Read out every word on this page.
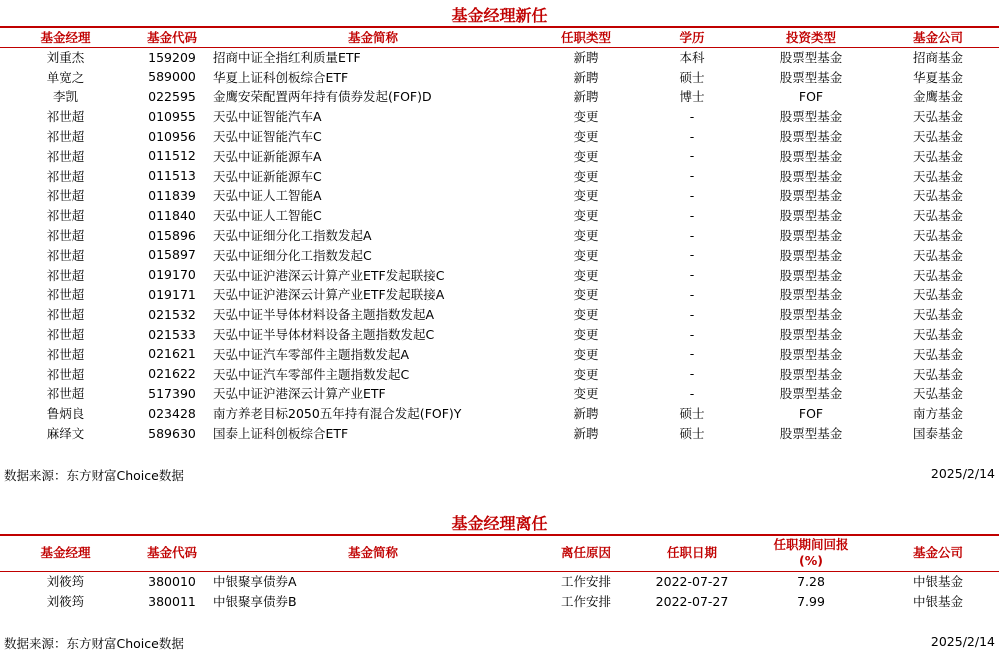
基金经理新任
基金经理	基金代码	基金简称	任职类型	学历	投资类型	基金公司
刘重杰	159209	招商中证全指红利质量ETF	新聘	本科	股票型基金	招商基金
单宽之	589000	华夏上证科创板综合ETF	新聘	硕士	股票型基金	华夏基金
李凯	022595	金鹰安荣配置两年持有债券发起(FOF)D	新聘	博士	FOF	金鹰基金
祁世超	010955	天弘中证智能汽车A	变更	-	股票型基金	天弘基金
祁世超	010956	天弘中证智能汽车C	变更	-	股票型基金	天弘基金
祁世超	011512	天弘中证新能源车A	变更	-	股票型基金	天弘基金
祁世超	011513	天弘中证新能源车C	变更	-	股票型基金	天弘基金
祁世超	011839	天弘中证人工智能A	变更	-	股票型基金	天弘基金
祁世超	011840	天弘中证人工智能C	变更	-	股票型基金	天弘基金
祁世超	015896	天弘中证细分化工指数发起A	变更	-	股票型基金	天弘基金
祁世超	015897	天弘中证细分化工指数发起C	变更	-	股票型基金	天弘基金
祁世超	019170	天弘中证沪港深云计算产业ETF发起联接C	变更	-	股票型基金	天弘基金
祁世超	019171	天弘中证沪港深云计算产业ETF发起联接A	变更	-	股票型基金	天弘基金
祁世超	021532	天弘中证半导体材料设备主题指数发起A	变更	-	股票型基金	天弘基金
祁世超	021533	天弘中证半导体材料设备主题指数发起C	变更	-	股票型基金	天弘基金
祁世超	021621	天弘中证汽车零部件主题指数发起A	变更	-	股票型基金	天弘基金
祁世超	021622	天弘中证汽车零部件主题指数发起C	变更	-	股票型基金	天弘基金
祁世超	517390	天弘中证沪港深云计算产业ETF	变更	-	股票型基金	天弘基金
鲁炳良	023428	南方养老目标2050五年持有混合发起(FOF)Y	新聘	硕士	FOF	南方基金
麻绎文	589630	国泰上证科创板综合ETF	新聘	硕士	股票型基金	国泰基金
数据来源：东方财富Choice数据	2025/2/14
基金经理离任
基金经理	基金代码	基金简称	离任原因	任职日期	任职期间回报
(%)	基金公司
刘筱筠	380010	中银聚享债券A	工作安排	2022-07-27	7.28	中银基金
刘筱筠	380011	中银聚享债券B	工作安排	2022-07-27	7.99	中银基金
数据来源：东方财富Choice数据	2025/2/14
